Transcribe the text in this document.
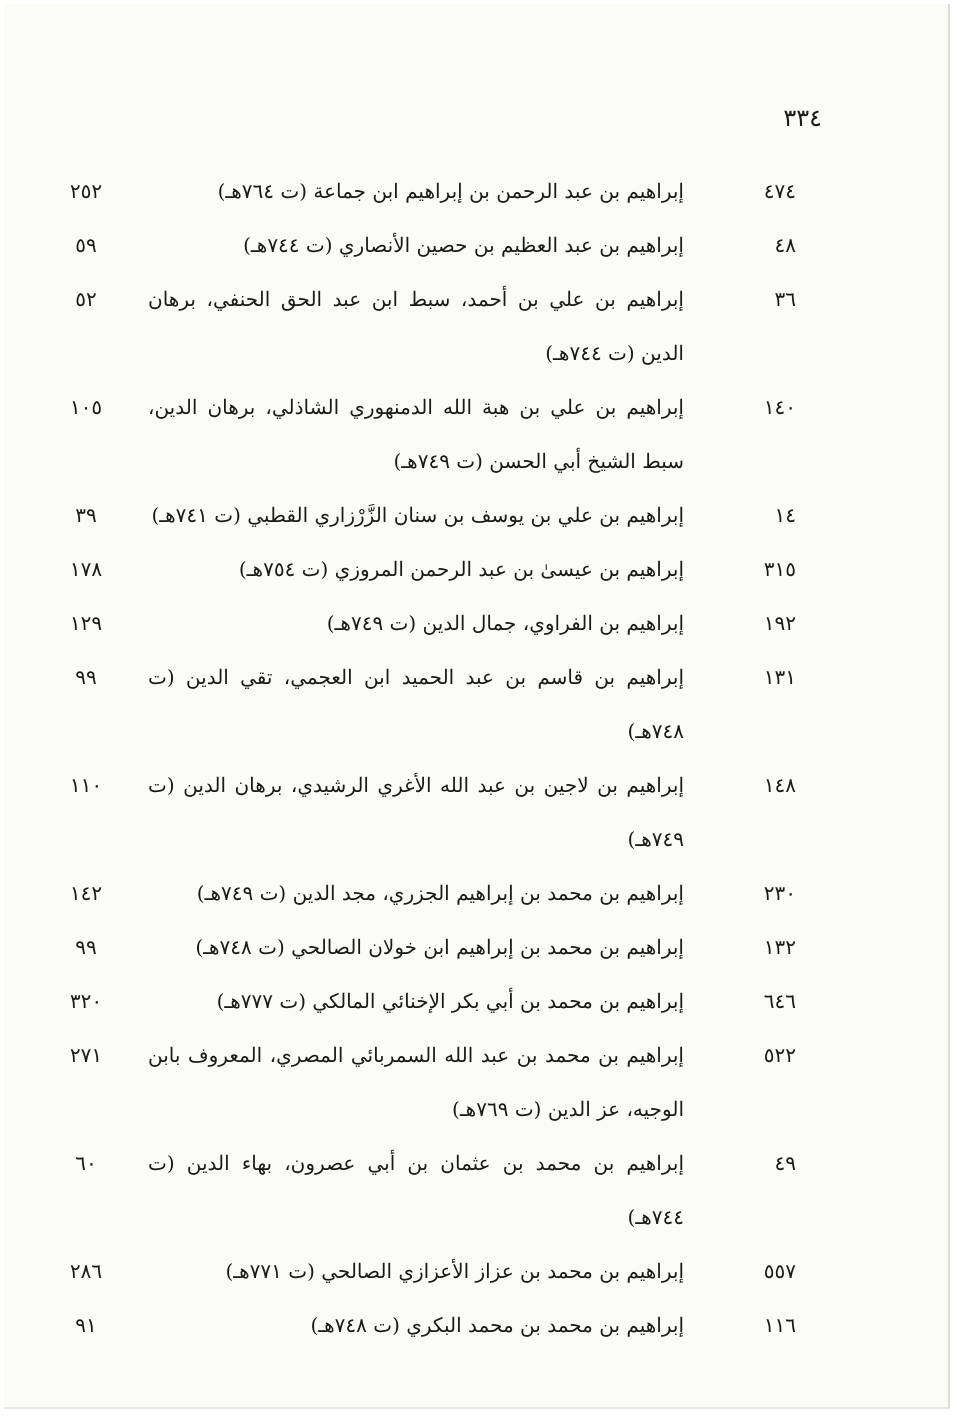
٣٣٤
٤٧٤
إبراهيم بن عبد الرحمن بن إبراهيم ابن جماعة (ت ٧٦٤هـ)
٢٥٢
٤٨
إبراهيم بن عبد العظيم بن حصين الأنصاري (ت ٧٤٤هـ)
٥٩
٣٦
إبراهيم بن علي بن أحمد، سبط ابن عبد الحق الحنفي، برهان الدين (ت ٧٤٤هـ)
٥٢
١٤٠
إبراهيم بن علي بن هبة الله الدمنهوري الشاذلي، برهان الدين، سبط الشيخ أبي الحسن (ت ٧٤٩هـ)
١٠٥
١٤
إبراهيم بن علي بن يوسف بن سنان الزَّرْزاري القطبي (ت ٧٤١هـ)
٣٩
٣١٥
إبراهيم بن عيسىٰ بن عبد الرحمن المروزي (ت ٧٥٤هـ)
١٧٨
١٩٢
إبراهيم بن الفراوي، جمال الدين (ت ٧٤٩هـ)
١٢٩
١٣١
إبراهيم بن قاسم بن عبد الحميد ابن العجمي، تقي الدين (ت ٧٤٨هـ)
٩٩
١٤٨
إبراهيم بن لاجين بن عبد الله الأغري الرشيدي، برهان الدين (ت ٧٤٩هـ)
١١٠
٢٣٠
إبراهيم بن محمد بن إبراهيم الجزري، مجد الدين (ت ٧٤٩هـ)
١٤٢
١٣٢
إبراهيم بن محمد بن إبراهيم ابن خولان الصالحي (ت ٧٤٨هـ)
٩٩
٦٤٦
إبراهيم بن محمد بن أبي بكر الإخنائي المالكي (ت ٧٧٧هـ)
٣٢٠
٥٢٢
إبراهيم بن محمد بن عبد الله السمربائي المصري، المعروف بابن الوجيه، عز الدين (ت ٧٦٩هـ)
٢٧١
٤٩
إبراهيم بن محمد بن عثمان بن أبي عصرون، بهاء الدين (ت ٧٤٤هـ)
٦٠
٥٥٧
إبراهيم بن محمد بن عزاز الأعزازي الصالحي (ت ٧٧١هـ)
٢٨٦
١١٦
إبراهيم بن محمد بن محمد البكري (ت ٧٤٨هـ)
٩١
